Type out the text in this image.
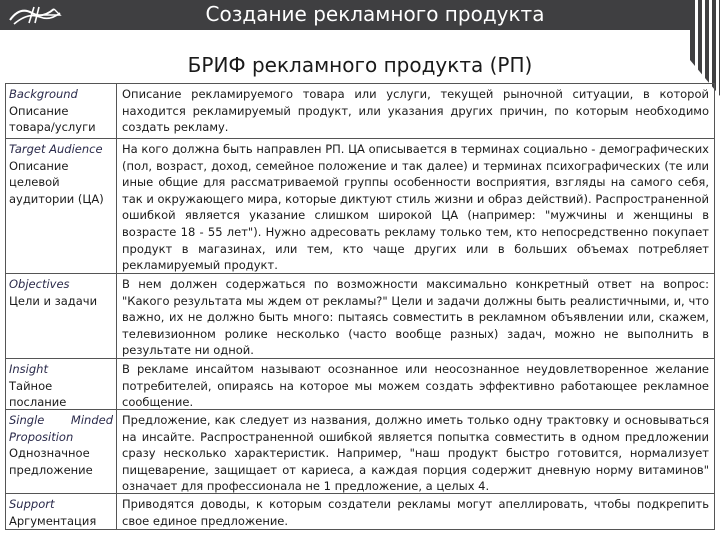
Создание рекламного продукта
БРИФ рекламного продукта (РП)
Background
Описание товара/услуги
Описание рекламируемого товара или услуги, текущей рыночной ситуации, в которой находится рекламируемый продукт, или указания других причин, по которым необходимо создать рекламу.
Target Audience
Описание целевой аудитории (ЦА)
На кого должна быть направлен РП. ЦА описывается в терминах социально - демографических (пол, возраст, доход, семейное положение и так далее) и терминах психографических (те или иные общие для рассматриваемой группы особенности восприятия, взгляды на самого себя, так и окружающего мира, которые диктуют стиль жизни и образ действий). Распространенной ошибкой является указание слишком широкой ЦА (например: "мужчины и женщины в возрасте 18 - 55 лет"). Нужно адресовать рекламу только тем, кто непосредственно покупает продукт в магазинах, или тем, кто чаще других или в больших объемах потребляет рекламируемый продукт.
Objectives
Цели и задачи
В нем должен содержаться по возможности максимально конкретный ответ на вопрос: "Какого результата мы ждем от рекламы?" Цели и задачи должны быть реалистичными, и, что важно, их не должно быть много: пытаясь совместить в рекламном объявлении или, скажем, телевизионном ролике несколько (часто вообще разных) задач, можно не выполнить в результате ни одной.
Insight
Тайное послание
В рекламе инсайтом называют осознанное или неосознанное неудовлетворенное желание потребителей, опираясь на которое мы можем создать эффективно работающее рекламное сообщение.
Single Minded Proposition
Однозначное предложение
Предложение, как следует из названия, должно иметь только одну трактовку и основываться на инсайте. Распространенной ошибкой является попытка совместить в одном предложении сразу несколько характеристик. Например, "наш продукт быстро готовится, нормализует пищеварение, защищает от кариеса, а каждая порция содержит дневную норму витаминов" означает для профессионала не 1 предложение, а целых 4.
Support
Аргументация
Приводятся доводы, к которым создатели рекламы могут апеллировать, чтобы подкрепить свое единое предложение.
